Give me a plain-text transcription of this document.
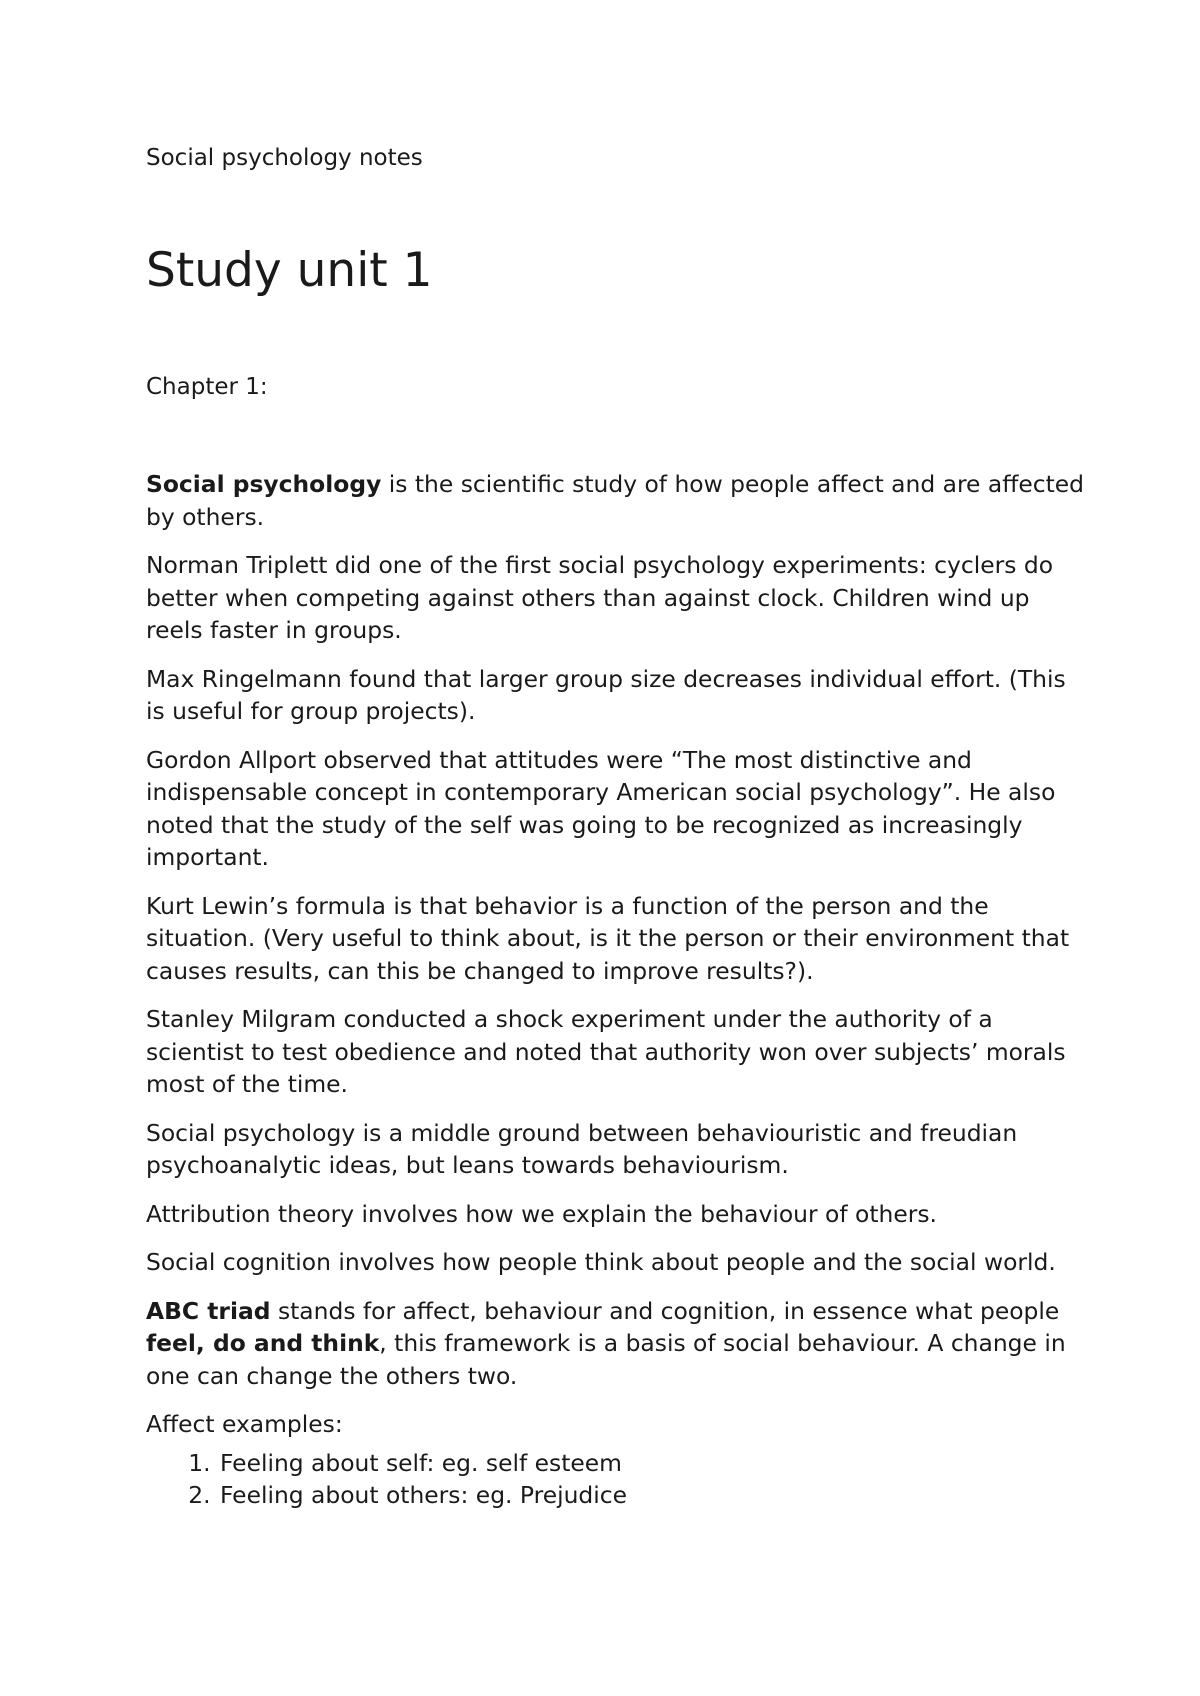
Social psychology notes

Study unit 1

Chapter 1:

Social psychology is the scientific study of how people affect and are affected by others.

Norman Triplett did one of the first social psychology experiments: cyclers do better when competing against others than against clock. Children wind up reels faster in groups.

Max Ringelmann found that larger group size decreases individual effort. (This is useful for group projects).

Gordon Allport observed that attitudes were “The most distinctive and indispensable concept in contemporary American social psychology”. He also noted that the study of the self was going to be recognized as increasingly important.

Kurt Lewin’s formula is that behavior is a function of the person and the situation. (Very useful to think about, is it the person or their environment that causes results, can this be changed to improve results?).

Stanley Milgram conducted a shock experiment under the authority of a scientist to test obedience and noted that authority won over subjects’ morals most of the time.

Social psychology is a middle ground between behaviouristic and freudian psychoanalytic ideas, but leans towards behaviourism.

Attribution theory involves how we explain the behaviour of others.

Social cognition involves how people think about people and the social world.

ABC triad stands for affect, behaviour and cognition, in essence what people feel, do and think, this framework is a basis of social behaviour. A change in one can change the others two.

Affect examples:

1. Feeling about self: eg. self esteem
2. Feeling about others: eg. Prejudice
